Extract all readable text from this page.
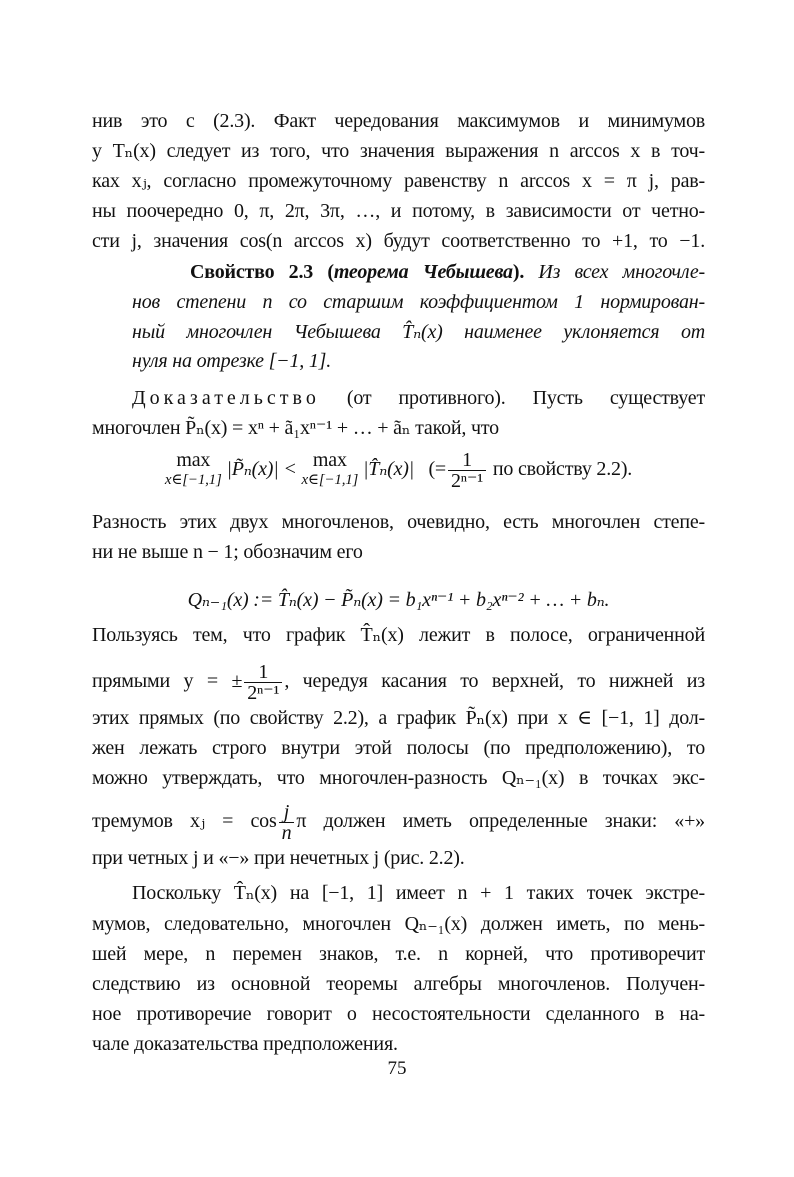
нив это с (2.3). Факт чередования максимумов и минимумов
у Tₙ(x) следует из того, что значения выражения n arccos x в точ-
ках xⱼ, согласно промежуточному равенству n arccos x = π j, рав-
ны поочередно 0, π, 2π, 3π, …, и потому, в зависимости от четно-
сти j, значения cos(n arccos x) будут соответственно то +1, то −1.
Свойство 2.3 (теорема Чебышева). Из всех многочле-
нов степени n со старшим коэффициентом 1 нормирован-
ный многочлен Чебышева T̂ₙ(x) наименее уклоняется от
нуля на отрезке [−1, 1].
Доказательство (от противного). Пусть существует
многочлен P̃ₙ(x) = xⁿ + ã₁xⁿ⁻¹ + … + ãₙ такой, что
max
x∈[−1,1] |P̃ₙ(x)| < max
x∈[−1,1] |T̂ₙ(x)| (= $\frac{1}{\text{2ⁿ⁻¹}}$ по свойству 2.2).
Разность этих двух многочленов, очевидно, есть многочлен степе-
ни не выше n − 1; обозначим его
Qₙ₋₁(x) := T̂ₙ(x) − P̃ₙ(x) = b₁xⁿ⁻¹ + b₂xⁿ⁻² + … + bₙ.
Пользуясь тем, что график T̂ₙ(x) лежит в полосе, ограниченной
прямыми y = ± $\frac{1}{\text{2ⁿ⁻¹}}$ , чередуя касания то верхней, то нижней из
этих прямых (по свойству 2.2), а график P̃ₙ(x) при x ∈ [−1, 1] дол-
жен лежать строго внутри этой полосы (по предположению), то
можно утверждать, что многочлен-разность Qₙ₋₁(x) в точках экс-
тремумов xⱼ = $\cos \frac{j}{n}$ π должен иметь определенные знаки: «+»
при четных j и «−» при нечетных j (рис. 2.2).
Поскольку T̂ₙ(x) на [−1, 1] имеет n + 1 таких точек экстре-
мумов, следовательно, многочлен Qₙ₋₁(x) должен иметь, по мень-
шей мере, n перемен знаков, т.е. n корней, что противоречит
следствию из основной теоремы алгебры многочленов. Получен-
ное противоречие говорит о несостоятельности сделанного в на-
чале доказательства предположения.
75
